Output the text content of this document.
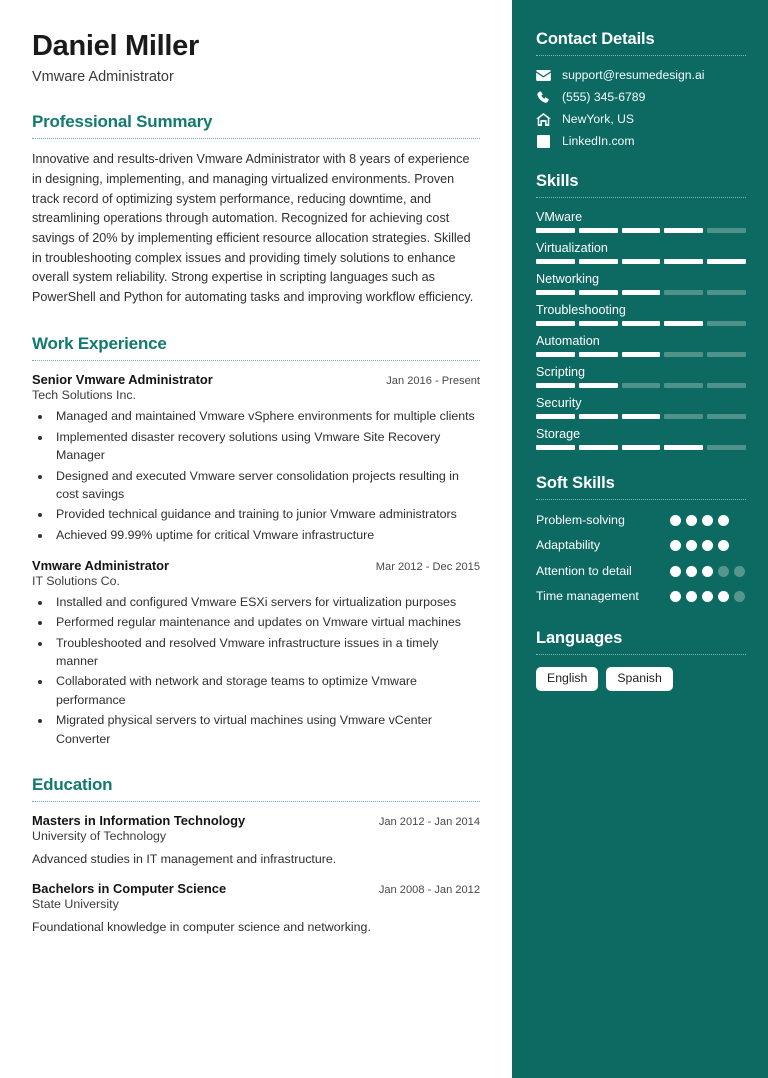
Daniel Miller
Vmware Administrator
Professional Summary
Innovative and results-driven Vmware Administrator with 8 years of experience in designing, implementing, and managing virtualized environments. Proven track record of optimizing system performance, reducing downtime, and streamlining operations through automation. Recognized for achieving cost savings of 20% by implementing efficient resource allocation strategies. Skilled in troubleshooting complex issues and providing timely solutions to enhance overall system reliability. Strong expertise in scripting languages such as PowerShell and Python for automating tasks and improving workflow efficiency.
Work Experience
Senior Vmware Administrator	Jan 2016 - Present
Tech Solutions Inc.
• Managed and maintained Vmware vSphere environments for multiple clients
• Implemented disaster recovery solutions using Vmware Site Recovery Manager
• Designed and executed Vmware server consolidation projects resulting in cost savings
• Provided technical guidance and training to junior Vmware administrators
• Achieved 99.99% uptime for critical Vmware infrastructure
Vmware Administrator	Mar 2012 - Dec 2015
IT Solutions Co.
• Installed and configured Vmware ESXi servers for virtualization purposes
• Performed regular maintenance and updates on Vmware virtual machines
• Troubleshooted and resolved Vmware infrastructure issues in a timely manner
• Collaborated with network and storage teams to optimize Vmware performance
• Migrated physical servers to virtual machines using Vmware vCenter Converter
Education
Masters in Information Technology	Jan 2012 - Jan 2014
University of Technology
Advanced studies in IT management and infrastructure.
Bachelors in Computer Science	Jan 2008 - Jan 2012
State University
Foundational knowledge in computer science and networking.
Contact Details
support@resumedesign.ai
(555) 345-6789
NewYork, US
LinkedIn.com
Skills
VMware
Virtualization
Networking
Troubleshooting
Automation
Scripting
Security
Storage
Soft Skills
Problem-solving
Adaptability
Attention to detail
Time management
Languages
English	Spanish
